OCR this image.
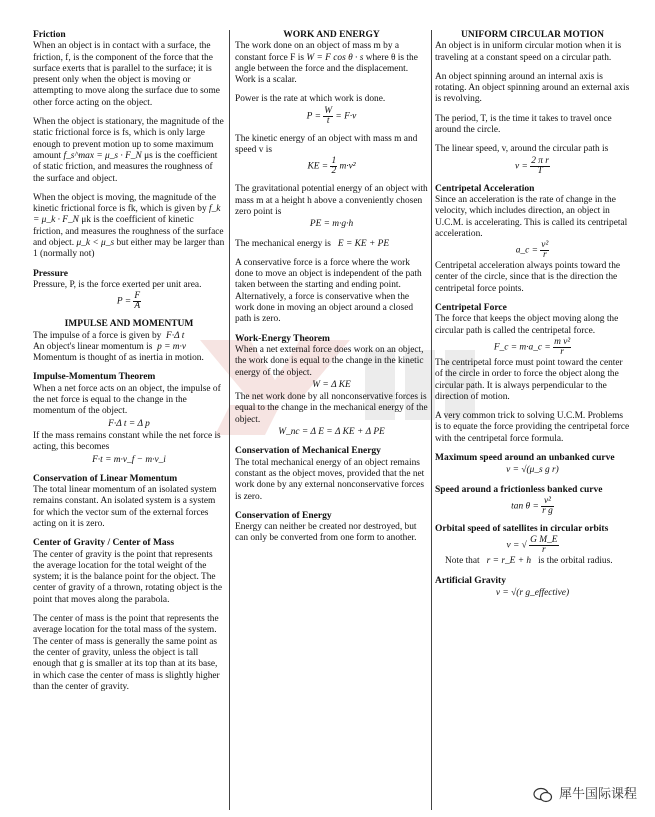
Friction

When an object is in contact with a surface, the friction, f, is the component of the force that the surface exerts that is parallel to the surface; it is present only when the object is moving or attempting to move along the surface due to some other force acting on the object.

When the object is stationary, the magnitude of the static frictional force is fs, which is only large enough to prevent motion up to some maximum amount f_s^max = μ_s · F_N μs is the coefficient of static friction, and measures the roughness of the surface and object.

When the object is moving, the magnitude of the kinetic frictional force is fk, which is given by f_k = μ_k · F_N μk is the coefficient of kinetic friction, and measures the roughness of the surface and object. μ_k < μ_s but either may be larger than 1 (normally not)

Pressure

Pressure, P, is the force exerted per unit area.

$P = \frac{F}{A}$

IMPULSE AND MOMENTUM

The impulse of a force is given by F·Δ t

An object's linear momentum is p = m·v

Momentum is thought of as inertia in motion.

Impulse-Momentum Theorem

When a net force acts on an object, the impulse of the net force is equal to the change in the momentum of the object.

F·Δ t = Δ p

If the mass remains constant while the net force is acting, this becomes

F·t = m·v_f − m·v_i

Conservation of Linear Momentum

The total linear momentum of an isolated system remains constant. An isolated system is a system for which the vector sum of the external forces acting on it is zero.

Center of Gravity / Center of Mass

The center of gravity is the point that represents the average location for the total weight of the system; it is the balance point for the object. The center of gravity of a thrown, rotating object is the point that moves along the parabola.

The center of mass is the point that represents the average location for the total mass of the system. The center of mass is generally the same point as the center of gravity, unless the object is tall enough that g is smaller at its top than at its base, in which case the center of mass is slightly higher than the center of gravity.

WORK AND ENERGY

The work done on an object of mass m by a constant force F is W = F cos θ · s where θ is the angle between the force and the displacement. Work is a scalar.

Power is the rate at which work is done.

$P = \frac{W}{t} = F\cdot v$

The kinetic energy of an object with mass m and speed v is

KE = $\frac{1}{2} m\cdot v^2$

The gravitational potential energy of an object with mass m at a height h above a conveniently chosen zero point is

PE = m·g·h

The mechanical energy is E = KE + PE

A conservative force is a force where the work done to move an object is independent of the path taken between the starting and ending point. Alternatively, a force is conservative when the work done in moving an object around a closed path is zero.

Work-Energy Theorem

When a net external force does work on an object, the work done is equal to the change in the kinetic energy of the object.

W = Δ KE

The net work done by all nonconservative forces is equal to the change in the mechanical energy of the object.

W_nc = Δ E = Δ KE + Δ PE

Conservation of Mechanical Energy

The total mechanical energy of an object remains constant as the object moves, provided that the net work done by any external nonconservative forces is zero.

Conservation of Energy

Energy can neither be created nor destroyed, but can only be converted from one form to another.

UNIFORM CIRCULAR MOTION

An object is in uniform circular motion when it is traveling at a constant speed on a circular path.

An object spinning around an internal axis is rotating. An object spinning around an external axis is revolving.

The period, T, is the time it takes to travel once around the circle.

The linear speed, v, around the circular path is

$v = \frac{\text{2 π r}}{T}$

Centripetal Acceleration

Since an acceleration is the rate of change in the velocity, which includes direction, an object in U.C.M. is accelerating. This is called its centripetal acceleration.

a_c = $\frac{\text{v²}}{r}$

Centripetal acceleration always points toward the center of the circle, since that is the direction the centripetal force points.

Centripetal Force

The force that keeps the object moving along the circular path is called the centripetal force.

F_c = m·a_c = $\frac{\text{m v²}}{r}$

The centripetal force must point toward the center of the circle in order to force the object along the circular path. It is always perpendicular to the direction of motion.

A very common trick to solving U.C.M. Problems is to equate the force providing the centripetal force with the centripetal force formula.

Maximum speed around an unbanked curve

v = √(μ_s g r)

Speed around a frictionless banked curve

$\tan \theta = \frac{\text{v²}}{\text{r g}}$

Orbital speed of satellites in circular orbits

v = √ $\frac{\text{G M\_E}}{r}$

Note that r = r_E + h is the orbital radius.

Artificial Gravity

v = √(r g_effective)

犀牛国际课程
